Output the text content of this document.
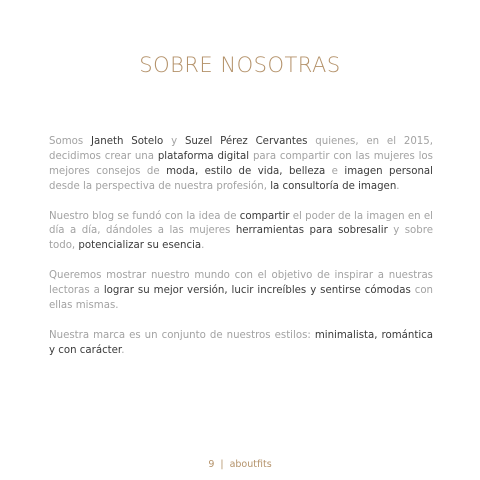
SOBRE NOSOTRAS

Somos Janeth Sotelo y Suzel Pérez Cervantes quienes, en el 2015, decidimos crear una plataforma digital para compartir con las mujeres los mejores consejos de moda, estilo de vida, belleza e imagen personal desde la perspectiva de nuestra profesión, la consultoría de imagen.

Nuestro blog se fundó con la idea de compartir el poder de la imagen en el día a día, dándoles a las mujeres herramientas para sobresalir y sobre todo, potencializar su esencia.

Queremos mostrar nuestro mundo con el objetivo de inspirar a nuestras lectoras a lograr su mejor versión, lucir increíbles y sentirse cómodas con ellas mismas.

Nuestra marca es un conjunto de nuestros estilos: minimalista, romántica y con carácter.

9 | aboutfits
